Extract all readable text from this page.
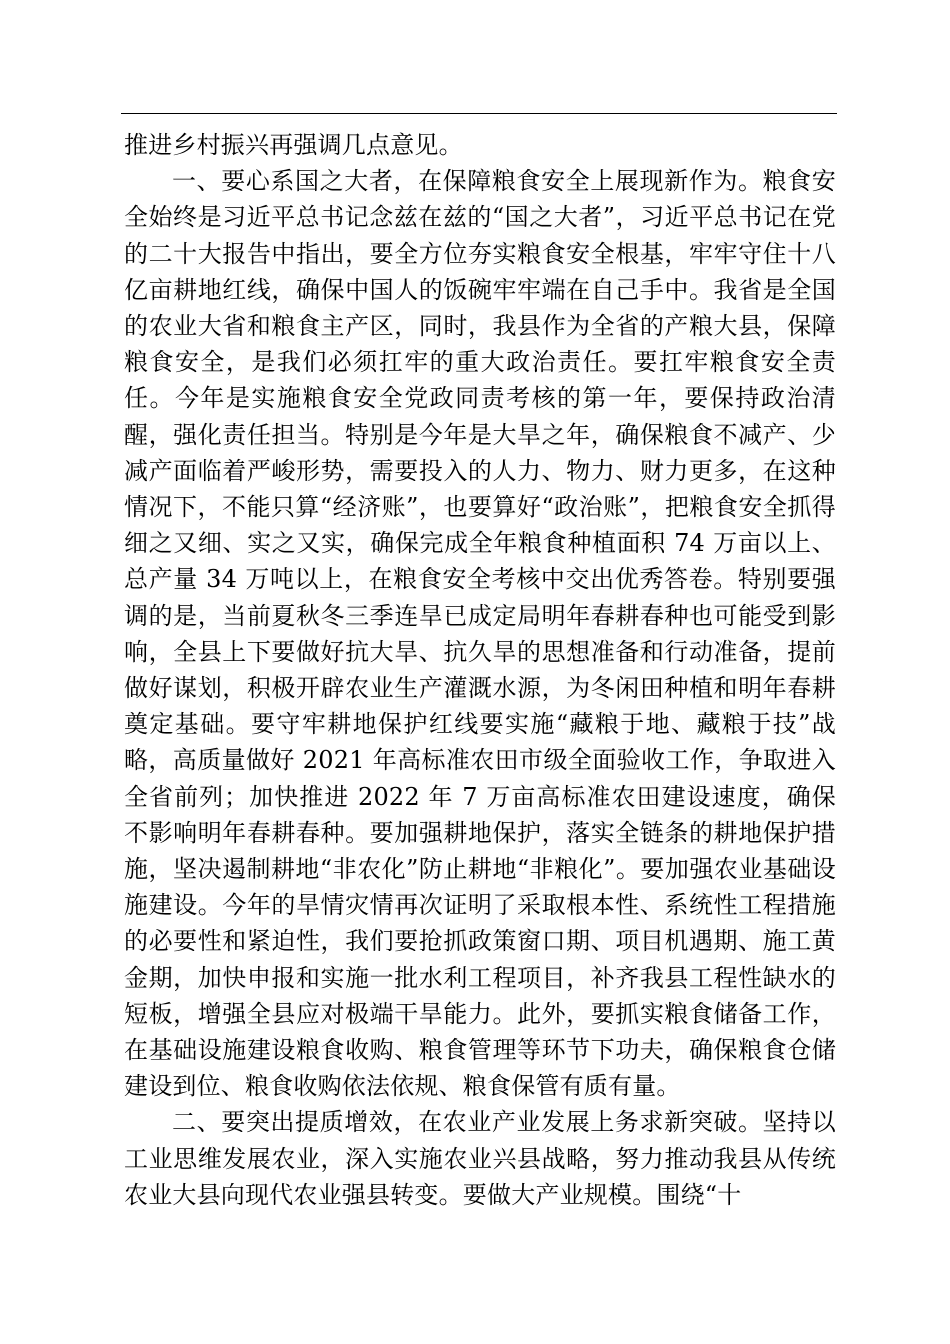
推进乡村振兴再强调几点意见。

一、要心系国之大者，在保障粮食安全上展现新作为。粮食安全始终是习近平总书记念兹在兹的“国之大者”，习近平总书记在党的二十大报告中指出，要全方位夯实粮食安全根基，牢牢守住十八亿亩耕地红线，确保中国人的饭碗牢牢端在自己手中。我省是全国的农业大省和粮食主产区，同时，我县作为全省的产粮大县，保障粮食安全，是我们必须扛牢的重大政治责任。要扛牢粮食安全责任。今年是实施粮食安全党政同责考核的第一年，要保持政治清醒，强化责任担当。特别是今年是大旱之年，确保粮食不减产、少减产面临着严峻形势，需要投入的人力、物力、财力更多，在这种情况下，不能只算“经济账”，也要算好“政治账”，把粮食安全抓得细之又细、实之又实，确保完成全年粮食种植面积 74 万亩以上、总产量 34 万吨以上，在粮食安全考核中交出优秀答卷。特别要强调的是，当前夏秋冬三季连旱已成定局明年春耕春种也可能受到影响，全县上下要做好抗大旱、抗久旱的思想准备和行动准备，提前做好谋划，积极开辟农业生产灌溉水源，为冬闲田种植和明年春耕奠定基础。要守牢耕地保护红线要实施“藏粮于地、藏粮于技”战略，高质量做好 2021 年高标准农田市级全面验收工作，争取进入全省前列；加快推进 2022 年 7 万亩高标准农田建设速度，确保不影响明年春耕春种。要加强耕地保护，落实全链条的耕地保护措施，坚决遏制耕地“非农化”防止耕地“非粮化”。要加强农业基础设施建设。今年的旱情灾情再次证明了采取根本性、系统性工程措施的必要性和紧迫性，我们要抢抓政策窗口期、项目机遇期、施工黄金期，加快申报和实施一批水利工程项目，补齐我县工程性缺水的短板，增强全县应对极端干旱能力。此外，要抓实粮食储备工作，在基础设施建设粮食收购、粮食管理等环节下功夫，确保粮食仓储建设到位、粮食收购依法依规、粮食保管有质有量。

二、要突出提质增效，在农业产业发展上务求新突破。坚持以工业思维发展农业，深入实施农业兴县战略，努力推动我县从传统农业大县向现代农业强县转变。要做大产业规模。围绕“十
